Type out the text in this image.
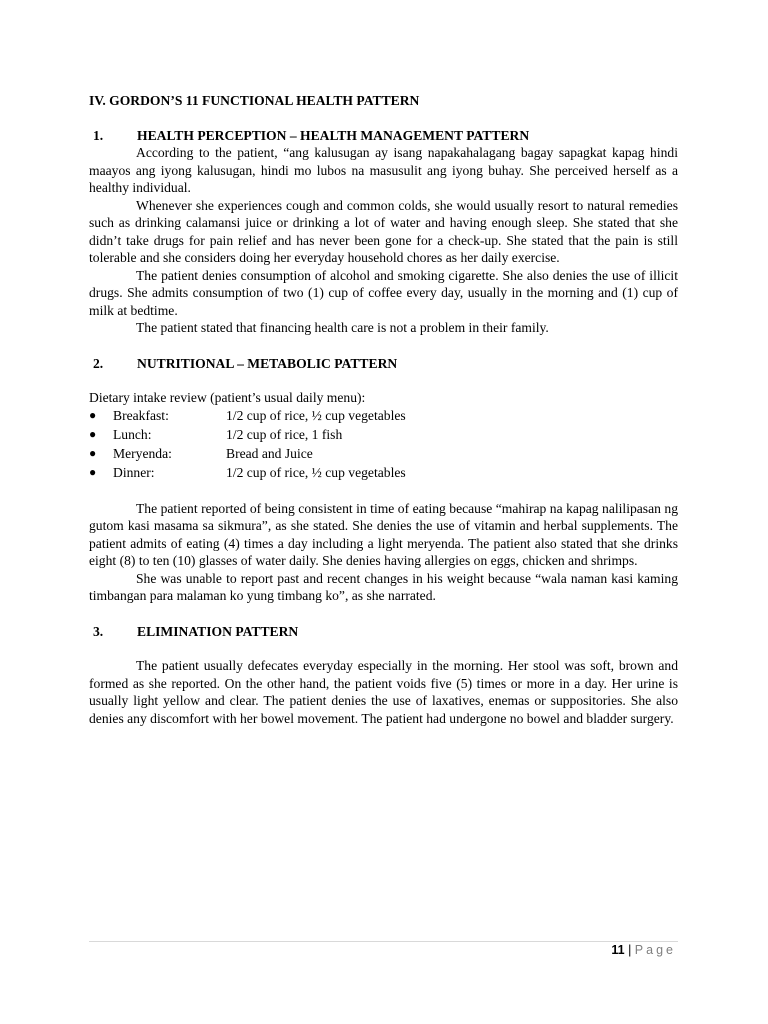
IV. GORDON’S 11 FUNCTIONAL HEALTH PATTERN
1. HEALTH PERCEPTION – HEALTH MANAGEMENT PATTERN

According to the patient, “ang kalusugan ay isang napakahalagang bagay sapagkat kapag hindi maayos ang iyong kalusugan, hindi mo lubos na masusulit ang iyong buhay. She perceived herself as a healthy individual.

Whenever she experiences cough and common colds, she would usually resort to natural remedies such as drinking calamansi juice or drinking a lot of water and having enough sleep. She stated that she didn’t take drugs for pain relief and has never been gone for a check-up. She stated that the pain is still tolerable and she considers doing her everyday household chores as her daily exercise.

The patient denies consumption of alcohol and smoking cigarette. She also denies the use of illicit drugs. She admits consumption of two (1) cup of coffee every day, usually in the morning and (1) cup of milk at bedtime.

The patient stated that financing health care is not a problem in their family.

2. NUTRITIONAL – METABOLIC PATTERN

Dietary intake review (patient’s usual daily menu):

●	Breakfast:	1/2 cup of rice, ½ cup vegetables
●	Lunch:	1/2 cup of rice, 1 fish
●	Meryenda:	Bread and Juice
●	Dinner:	1/2 cup of rice, ½ cup vegetables

The patient reported of being consistent in time of eating because “mahirap na kapag nalilipasan ng gutom kasi masama sa sikmura”, as she stated. She denies the use of vitamin and herbal supplements. The patient admits of eating (4) times a day including a light meryenda. The patient also stated that she drinks eight (8) to ten (10) glasses of water daily. She denies having allergies on eggs, chicken and shrimps.

She was unable to report past and recent changes in his weight because “wala naman kasi kaming timbangan para malaman ko yung timbang ko”, as she narrated.

3. ELIMINATION PATTERN

The patient usually defecates everyday especially in the morning. Her stool was soft, brown and formed as she reported. On the other hand, the patient voids five (5) times or more in a day. Her urine is usually light yellow and clear. The patient denies the use of laxatives, enemas or suppositories. She also denies any discomfort with her bowel movement. The patient had undergone no bowel and bladder surgery.

11 | Page
